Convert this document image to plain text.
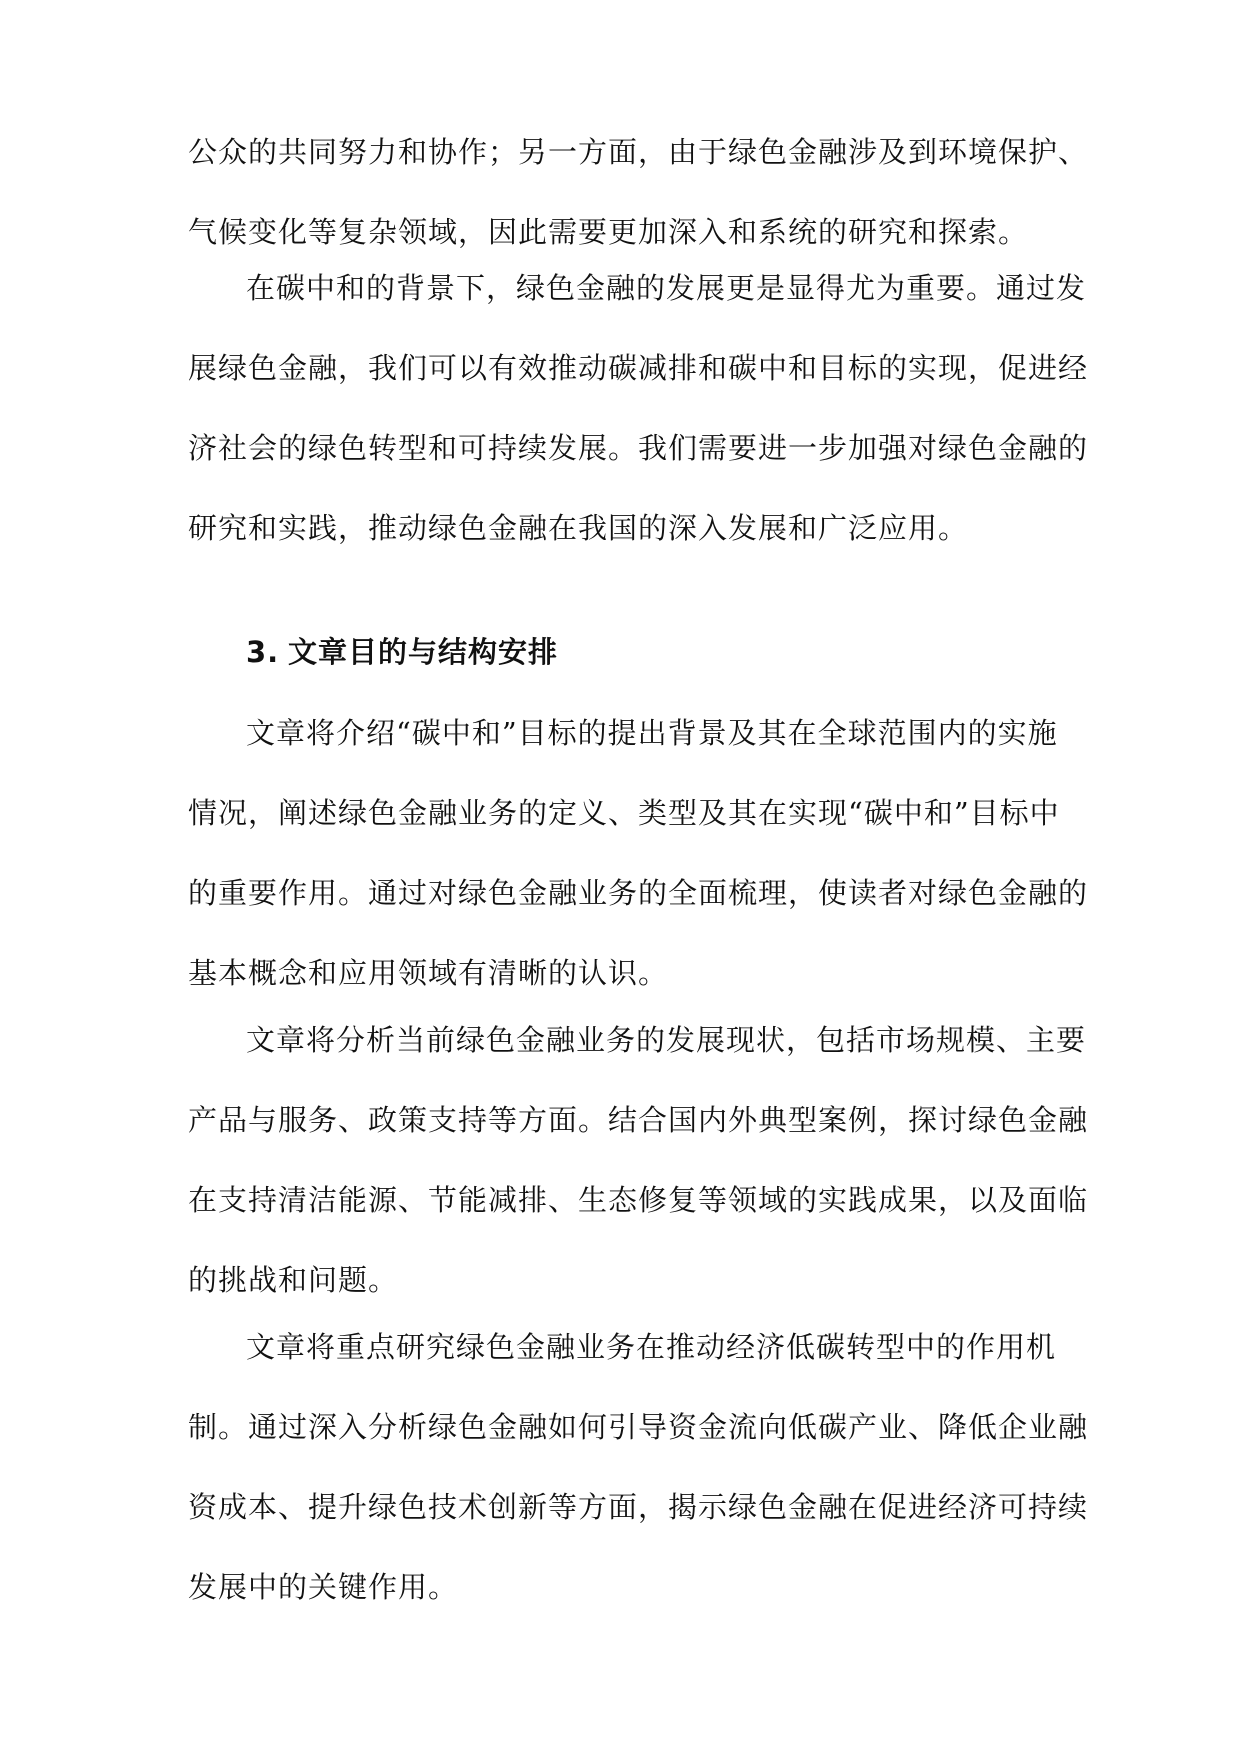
公众的共同努力和协作；另一方面，由于绿色金融涉及到环境保护、
气候变化等复杂领域，因此需要更加深入和系统的研究和探索。
在碳中和的背景下，绿色金融的发展更是显得尤为重要。通过发
展绿色金融，我们可以有效推动碳减排和碳中和目标的实现，促进经
济社会的绿色转型和可持续发展。我们需要进一步加强对绿色金融的
研究和实践，推动绿色金融在我国的深入发展和广泛应用。
3. 文章目的与结构安排
文章将介绍“碳中和”目标的提出背景及其在全球范围内的实施
情况，阐述绿色金融业务的定义、类型及其在实现“碳中和”目标中
的重要作用。通过对绿色金融业务的全面梳理，使读者对绿色金融的
基本概念和应用领域有清晰的认识。
文章将分析当前绿色金融业务的发展现状，包括市场规模、主要
产品与服务、政策支持等方面。结合国内外典型案例，探讨绿色金融
在支持清洁能源、节能减排、生态修复等领域的实践成果，以及面临
的挑战和问题。
文章将重点研究绿色金融业务在推动经济低碳转型中的作用机
制。通过深入分析绿色金融如何引导资金流向低碳产业、降低企业融
资成本、提升绿色技术创新等方面，揭示绿色金融在促进经济可持续
发展中的关键作用。
